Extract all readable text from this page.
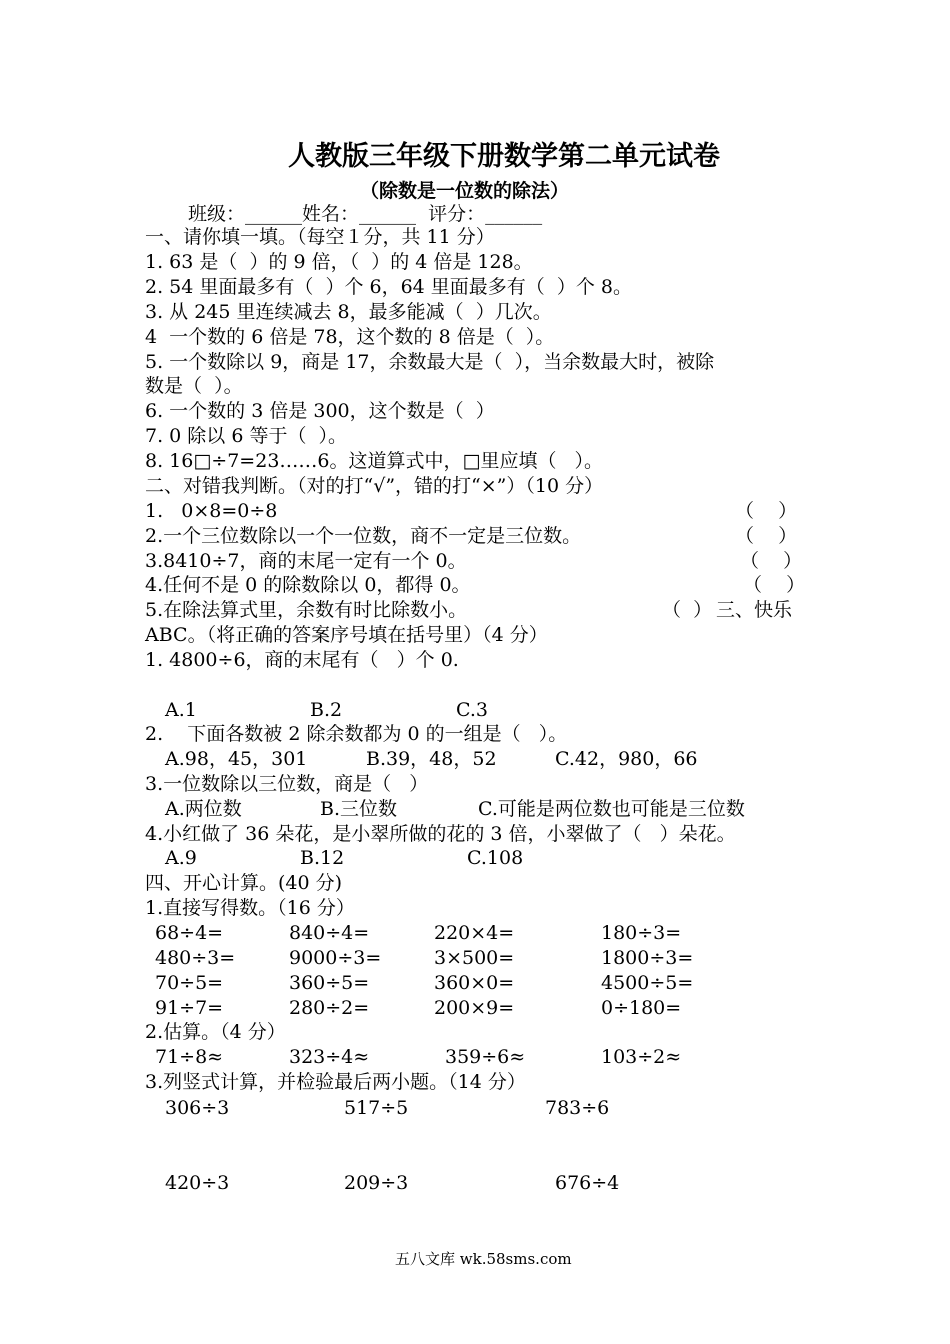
人教版三年级下册数学第二单元试卷
（除数是一位数的除法）
班级：______姓名：______  评分：______
一、请你填一填。（每空１分，共 11 分）
1. 63 是（  ）的 9 倍，（  ）的 4 倍是 128。
2. 54 里面最多有（  ）个 6，64 里面最多有（  ）个 8。
3. 从 245 里连续减去 8，最多能减（  ）几次。
4  一个数的 6 倍是 78，这个数的 8 倍是（  ）。
5. 一个数除以 9，商是 17，余数最大是（  ），当余数最大时，被除
数是（  ）。
6. 一个数的 3 倍是 300，这个数是（  ）
7. 0 除以 6 等于（  ）。
8. 16□÷7=23……6。这道算式中，□里应填（   ）。
二、对错我判断。（对的打“√”，错的打“×”）（10 分）
1.   0×8=0÷8	（    ）
2.一个三位数除以一个一位数，商不一定是三位数。	（    ）
3.8410÷7，商的末尾一定有一个 0。	（    ）
4.任何不是 0 的除数除以 0，都得 0。	（    ）
5.在除法算式里，余数有时比除数小。	（  ） 三、快乐
ABC。（将正确的答案序号填在括号里）（4 分）
1. 4800÷6，商的末尾有（   ）个 0.
A.1	B.2	C.3
2.    下面各数被 2 除余数都为 0 的一组是（   ）。
A.98，45，301	B.39，48，52	C.42，980，66
3.一位数除以三位数，商是（   ）
A.两位数	B.三位数	C.可能是两位数也可能是三位数
4.小红做了 36 朵花，是小翠所做的花的 3 倍，小翠做了（   ）朵花。
A.9	B.12	C.108
四、开心计算。(40 分)
1.直接写得数。（16 分）
68÷4=	840÷4=	220×4=	180÷3=
480÷3=	9000÷3=	3×500=	1800÷3=
70÷5=	360÷5=	360×0=	4500÷5=
91÷7=	280÷2=	200×9=	0÷180=
2.估算。（4 分）
71÷8≈	323÷4≈	359÷6≈	103÷2≈
3.列竖式计算，并检验最后两小题。（14 分）
306÷3	517÷5	783÷6
420÷3	209÷3	676÷4
五八文库 wk.58sms.com
